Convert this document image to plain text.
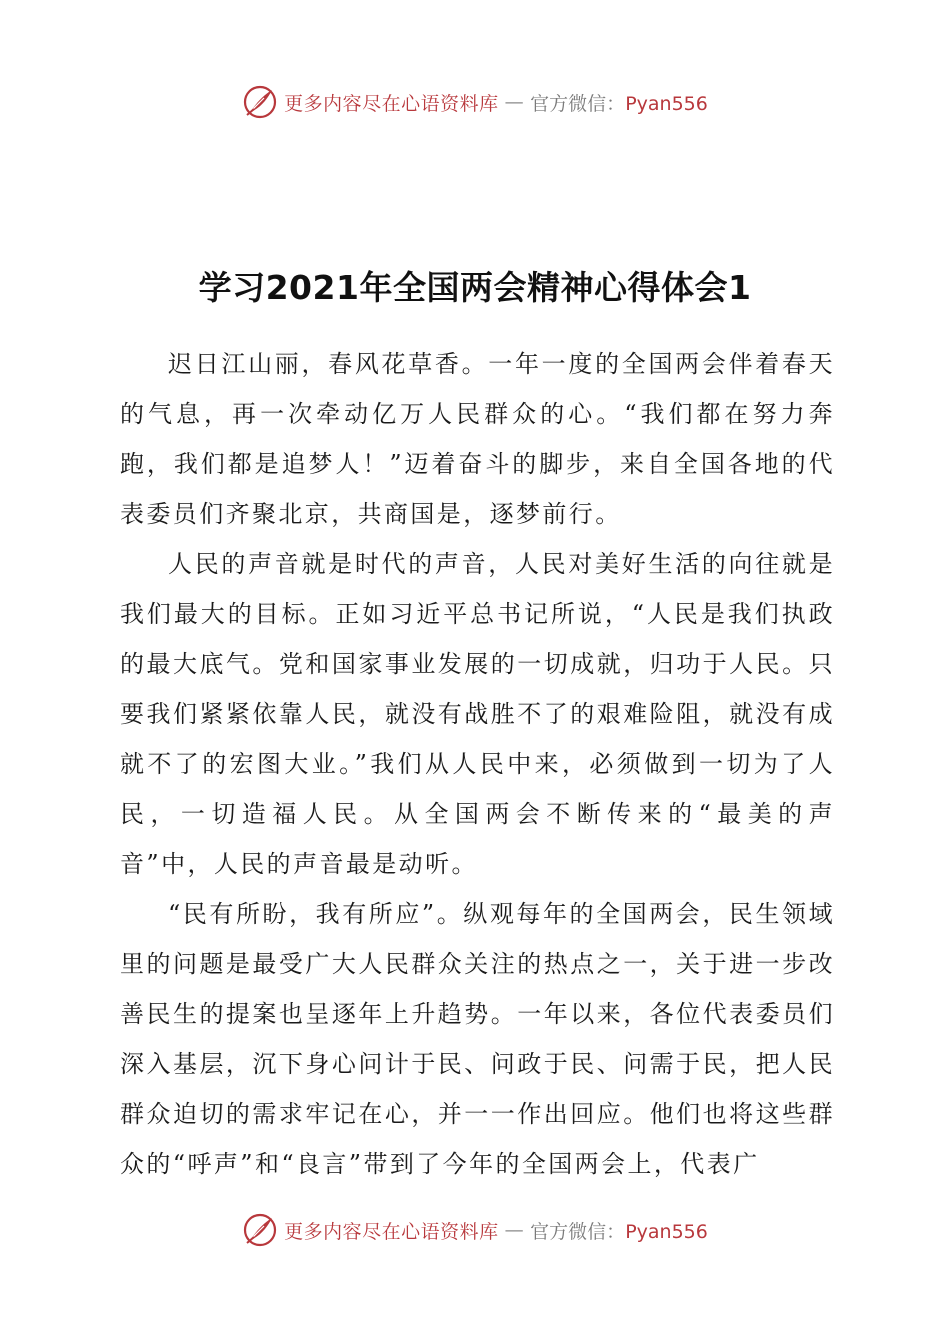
更多内容尽在心语资料库 — 官方微信：Pyan556
学习2021年全国两会精神心得体会1

迟日江山丽，春风花草香。一年一度的全国两会伴着春天的气息，再一次牵动亿万人民群众的心。“我们都在努力奔跑，我们都是追梦人！”迈着奋斗的脚步，来自全国各地的代表委员们齐聚北京，共商国是，逐梦前行。

人民的声音就是时代的声音，人民对美好生活的向往就是我们最大的目标。正如习近平总书记所说，“人民是我们执政的最大底气。党和国家事业发展的一切成就，归功于人民。只要我们紧紧依靠人民，就没有战胜不了的艰难险阻，就没有成就不了的宏图大业。”我们从人民中来，必须做到一切为了人民，一切造福人民。从全国两会不断传来的“最美的声音”中，人民的声音最是动听。

“民有所盼，我有所应”。纵观每年的全国两会，民生领域里的问题是最受广大人民群众关注的热点之一，关于进一步改善民生的提案也呈逐年上升趋势。一年以来，各位代表委员们深入基层，沉下身心问计于民、问政于民、问需于民，把人民群众迫切的需求牢记在心，并一一作出回应。他们也将这些群众的“呼声”和“良言”带到了今年的全国两会上，代表广

更多内容尽在心语资料库 — 官方微信：Pyan556
